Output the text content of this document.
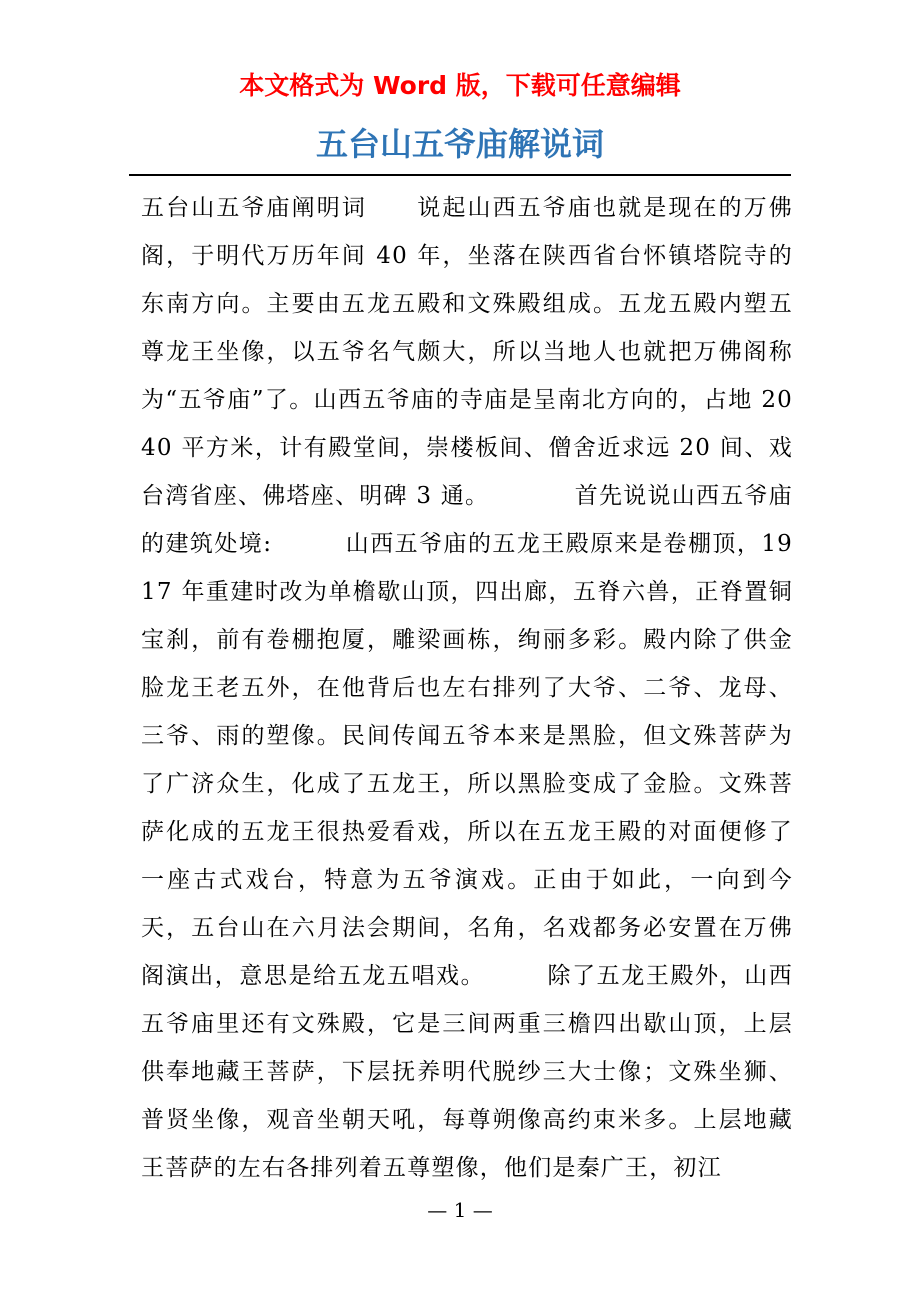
本文格式为 Word 版，下载可任意编辑
五台山五爷庙解说词
五台山五爷庙阐明词　　说起山西五爷庙也就是现在的万佛阁，于明代万历年间 40 年，坐落在陕西省台怀镇塔院寺的东南方向。主要由五龙五殿和文殊殿组成。五龙五殿内塑五尊龙王坐像，以五爷名气颇大，所以当地人也就把万佛阁称为“五爷庙”了。山西五爷庙的寺庙是呈南北方向的，占地 2040 平方米，计有殿堂间，崇楼板间、僧舍近求远 20 间、戏台湾省座、佛塔座、明碑 3 通。　　　　首先说说山西五爷庙的建筑处境:　　　山西五爷庙的五龙王殿原来是卷棚顶，1917 年重建时改为单檐歇山顶，四出廊，五脊六兽，正脊置铜宝刹，前有卷棚抱厦，雕梁画栋，绚丽多彩。殿内除了供金脸龙王老五外，在他背后也左右排列了大爷、二爷、龙母、三爷、雨的塑像。民间传闻五爷本来是黑脸，但文殊菩萨为了广济众生，化成了五龙王，所以黑脸变成了金脸。文殊菩萨化成的五龙王很热爱看戏，所以在五龙王殿的对面便修了一座古式戏台，特意为五爷演戏。正由于如此，一向到今天，五台山在六月法会期间，名角，名戏都务必安置在万佛阁演出，意思是给五龙五唱戏。　　　除了五龙王殿外，山西五爷庙里还有文殊殿，它是三间两重三檐四出歇山顶，上层供奉地藏王菩萨，下层抚养明代脱纱三大士像；文殊坐狮、普贤坐像，观音坐朝天吼，每尊朔像高约束米多。上层地藏王菩萨的左右各排列着五尊塑像，他们是秦广王，初江
— 1 —
